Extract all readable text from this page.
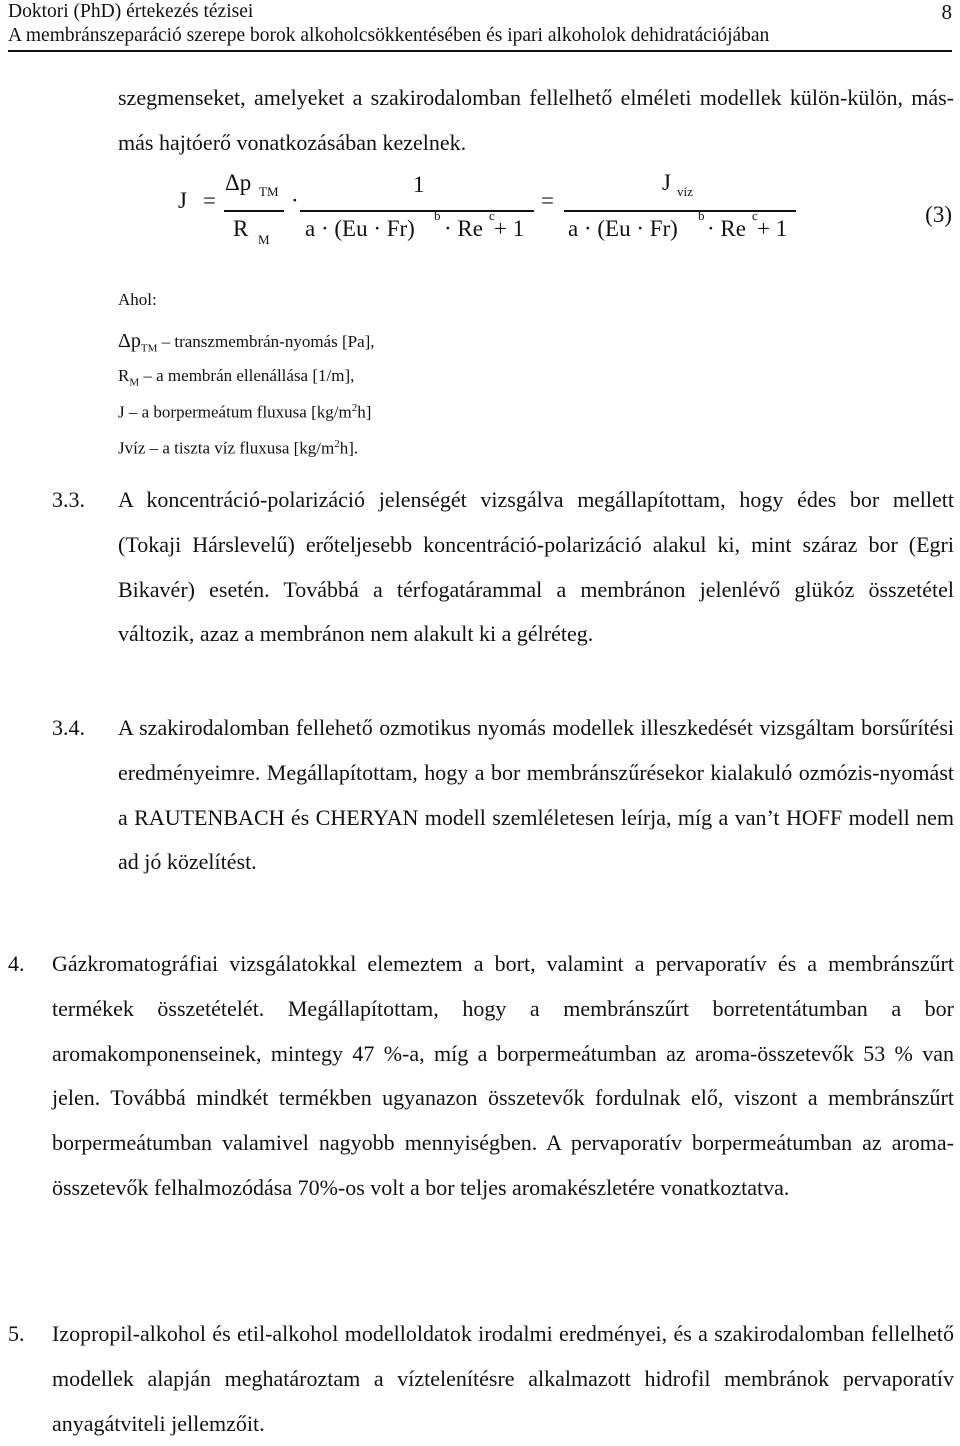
Doktori (PhD) értekezés tézisei	8
A membránszeparáció szerepe borok alkoholcsökkentésében és ipari alkoholok dehidratációjában
szegmenseket, amelyeket a szakirodalomban fellelhető elméleti modellek külön-külön, más-más hajtóerő vonatkozásában kezelnek.
J =
Δp TM
R M
·
1
a · (Eu · Fr)
b
· Re
c
+ 1
=
J víz
a · (Eu · Fr)
b
· Re
c
+ 1
(3)
Ahol:
$\Delta p_{TM}$ – transzmembrán-nyomás [Pa],
$R_M$ – a membrán ellenállása [1/m],
J – a borpermeátum fluxusa $[kg/m^2h]$
Jvíz – a tiszta víz fluxusa $[kg/m^2h]$.
3.3. A koncentráció-polarizáció jelenségét vizsgálva megállapítottam, hogy édes bor mellett (Tokaji Hárslevelű) erőteljesebb koncentráció-polarizáció alakul ki, mint száraz bor (Egri Bikavér) esetén. Továbbá a térfogatárammal a membránon jelenlévő glükóz összetétel változik, azaz a membránon nem alakult ki a gélréteg.
3.4. A szakirodalomban fellehető ozmotikus nyomás modellek illeszkedését vizsgáltam borsűrítési eredményeimre. Megállapítottam, hogy a bor membránszűrésekor kialakuló ozmózis-nyomást a RAUTENBACH és CHERYAN modell szemléletesen leírja, míg a van’t HOFF modell nem ad jó közelítést.
4. Gázkromatográfiai vizsgálatokkal elemeztem a bort, valamint a pervaporatív és a membránszűrt termékek összetételét. Megállapítottam, hogy a membránszűrt borretentátumban a bor aromakomponenseinek, mintegy 47 %-a, míg a borpermeátumban az aroma-összetevők 53 % van jelen. Továbbá mindkét termékben ugyanazon összetevők fordulnak elő, viszont a membránszűrt borpermeátumban valamivel nagyobb mennyiségben. A pervaporatív borpermeátumban az aroma-összetevők felhalmozódása 70%-os volt a bor teljes aromakészletére vonatkoztatva.
5. Izopropil-alkohol és etil-alkohol modelloldatok irodalmi eredményei, és a szakirodalomban fellelhető modellek alapján meghatároztam a víztelenítésre alkalmazott hidrofil membránok pervaporatív anyagátviteli jellemzőit.
